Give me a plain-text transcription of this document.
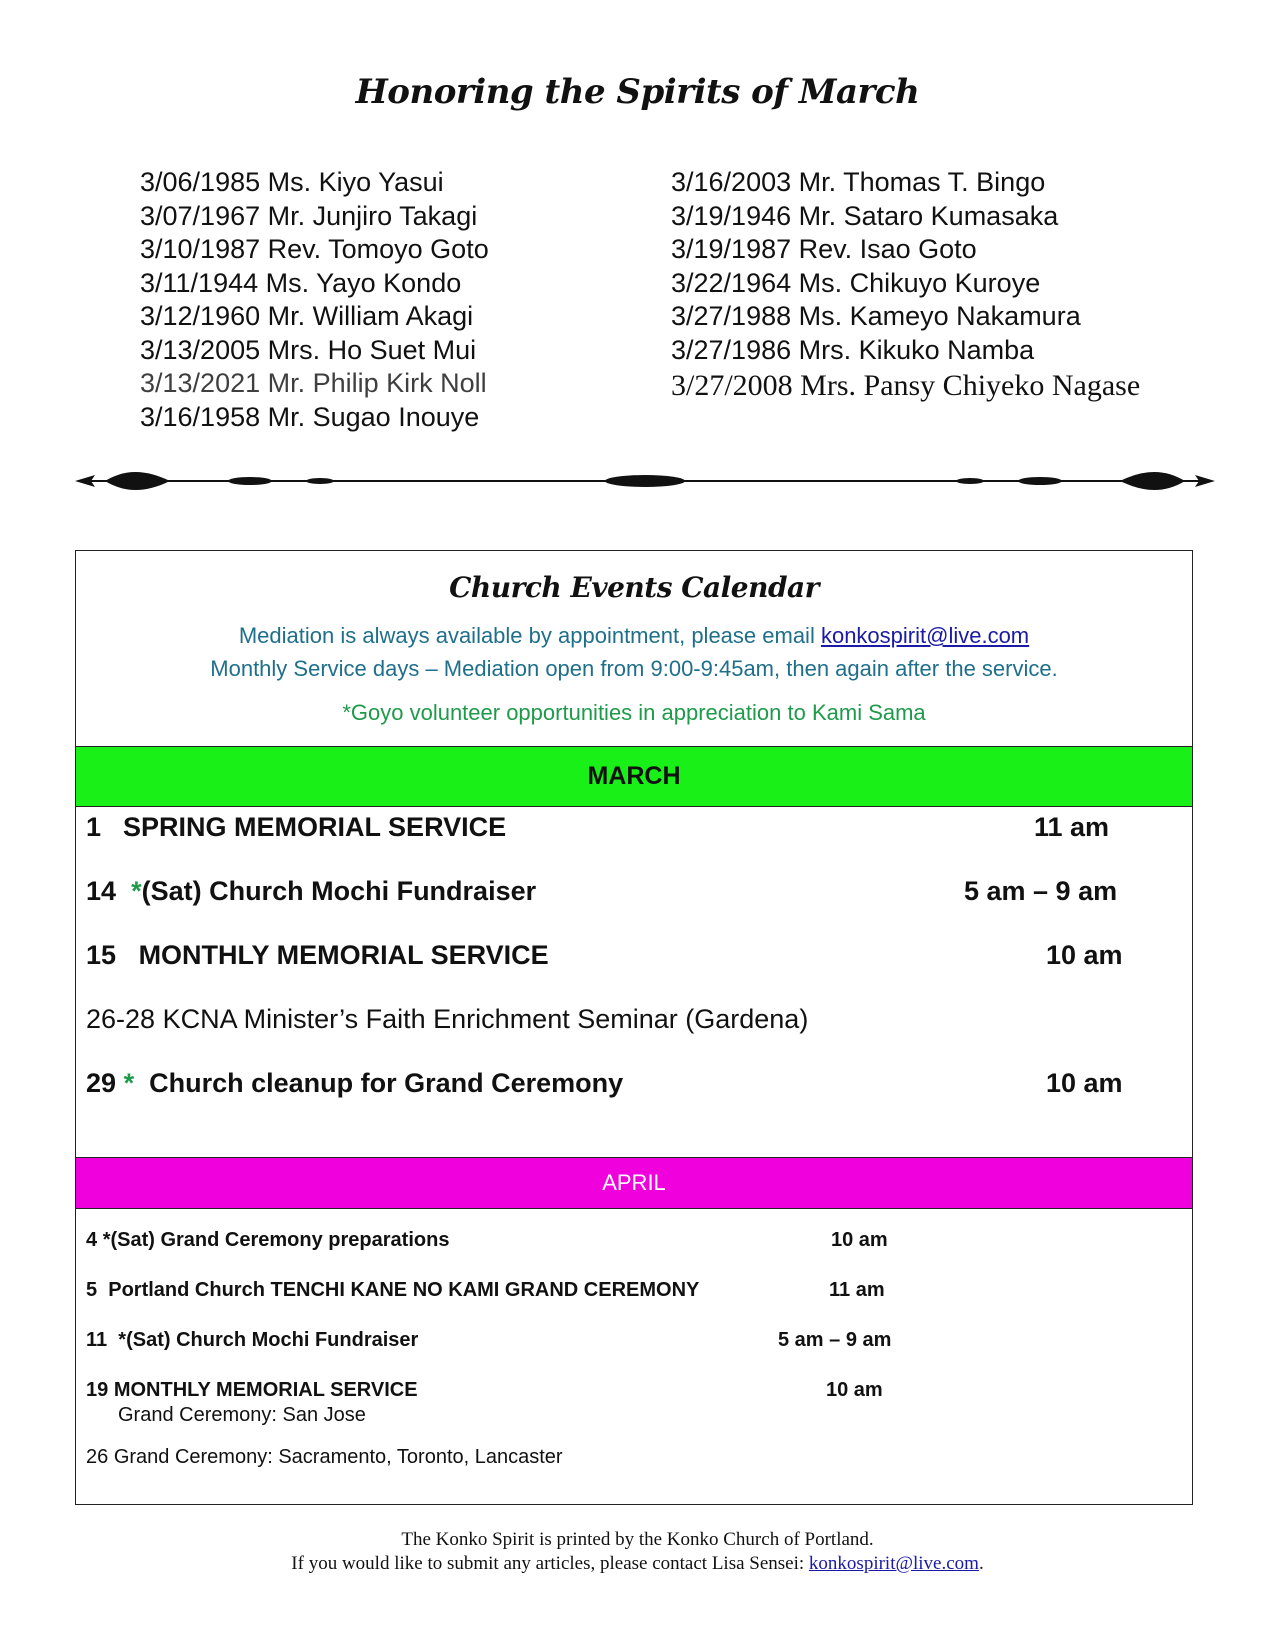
Honoring the Spirits of March
3/06/1985 Ms. Kiyo Yasui
3/07/1967 Mr. Junjiro Takagi
3/10/1987 Rev. Tomoyo Goto
3/11/1944 Ms. Yayo Kondo
3/12/1960 Mr. William Akagi
3/13/2005 Mrs. Ho Suet Mui
3/13/2021 Mr. Philip Kirk Noll
3/16/1958 Mr. Sugao Inouye
3/16/2003 Mr. Thomas T. Bingo
3/19/1946 Mr. Sataro Kumasaka
3/19/1987 Rev. Isao Goto
3/22/1964 Ms. Chikuyo Kuroye
3/27/1988 Ms. Kameyo Nakamura
3/27/1986 Mrs. Kikuko Namba
3/27/2008 Mrs. Pansy Chiyeko Nagase
Church Events Calendar
Mediation is always available by appointment, please email konkospirit@live.com
Monthly Service days – Mediation open from 9:00-9:45am, then again after the service.
*Goyo volunteer opportunities in appreciation to Kami Sama
MARCH
1 SPRING MEMORIAL SERVICE	11 am
14 *(Sat) Church Mochi Fundraiser	5 am – 9 am
15 MONTHLY MEMORIAL SERVICE	10 am
26-28 KCNA Minister’s Faith Enrichment Seminar (Gardena)
29 * Church cleanup for Grand Ceremony	10 am
APRIL
4 *(Sat) Grand Ceremony preparations	10 am
5 Portland Church TENCHI KANE NO KAMI GRAND CEREMONY	11 am
11 *(Sat) Church Mochi Fundraiser	5 am – 9 am
19 MONTHLY MEMORIAL SERVICE	10 am
Grand Ceremony: San Jose
26 Grand Ceremony: Sacramento, Toronto, Lancaster
The Konko Spirit is printed by the Konko Church of Portland.
If you would like to submit any articles, please contact Lisa Sensei: konkospirit@live.com.
